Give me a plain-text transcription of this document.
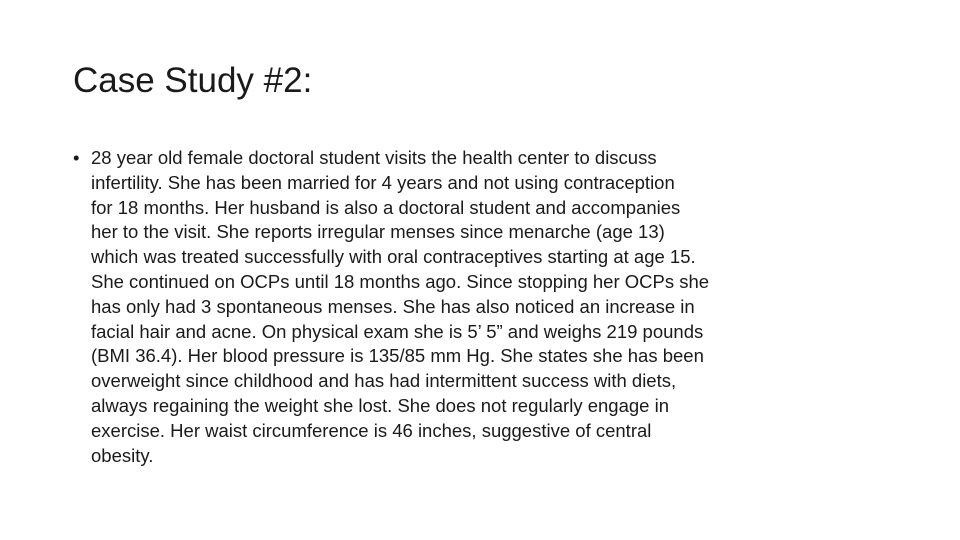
Case Study #2:
• 28 year old female doctoral student visits the health center to discuss
infertility. She has been married for 4 years and not using contraception
for 18 months. Her husband is also a doctoral student and accompanies
her to the visit. She reports irregular menses since menarche (age 13)
which was treated successfully with oral contraceptives starting at age 15.
She continued on OCPs until 18 months ago. Since stopping her OCPs she
has only had 3 spontaneous menses. She has also noticed an increase in
facial hair and acne. On physical exam she is 5’ 5” and weighs 219 pounds
(BMI 36.4). Her blood pressure is 135/85 mm Hg. She states she has been
overweight since childhood and has had intermittent success with diets,
always regaining the weight she lost. She does not regularly engage in
exercise. Her waist circumference is 46 inches, suggestive of central
obesity.
